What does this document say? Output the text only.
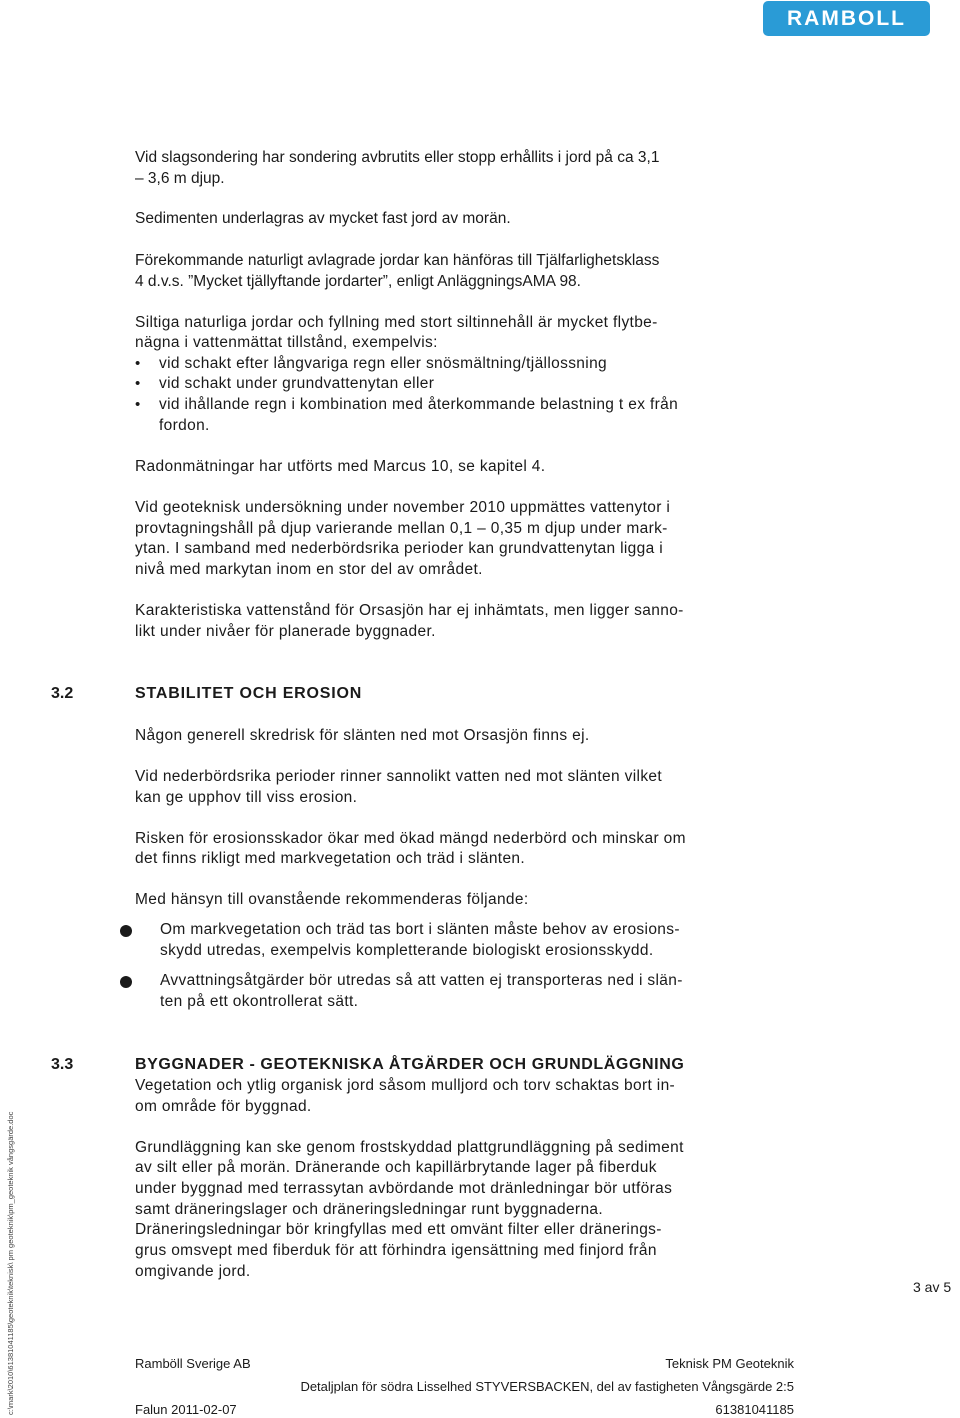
RAMBOLL
Vid slagsondering har sondering avbrutits eller stopp erhållits i jord på ca 3,1
– 3,6 m djup.
Sedimenten underlagras av mycket fast jord av morän.
Förekommande naturligt avlagrade jordar kan hänföras till Tjälfarlighetsklass
4 d.v.s. ”Mycket tjällyftande jordarter”, enligt AnläggningsAMA 98.
Siltiga naturliga jordar och fyllning med stort siltinnehåll är mycket flytbe-
nägna i vattenmättat tillstånd, exempelvis:
• vid schakt efter långvariga regn eller snösmältning/tjällossning
• vid schakt under grundvattenytan eller
• vid ihållande regn i kombination med återkommande belastning t ex från
fordon.
Radonmätningar har utförts med Marcus 10, se kapitel 4.
Vid geoteknisk undersökning under november 2010 uppmättes vattenytor i
provtagningshåll på djup varierande mellan 0,1 – 0,35 m djup under mark-
ytan. I samband med nederbördsrika perioder kan grundvattenytan ligga i
nivå med markytan inom en stor del av området.
Karakteristiska vattenstånd för Orsasjön har ej inhämtats, men ligger sanno-
likt under nivåer för planerade byggnader.
3.2	STABILITET OCH EROSION
Någon generell skredrisk för slänten ned mot Orsasjön finns ej.
Vid nederbördsrika perioder rinner sannolikt vatten ned mot slänten vilket
kan ge upphov till viss erosion.
Risken för erosionsskador ökar med ökad mängd nederbörd och minskar om
det finns rikligt med markvegetation och träd i slänten.
Med hänsyn till ovanstående rekommenderas följande:
Om markvegetation och träd tas bort i slänten måste behov av erosions-
skydd utredas, exempelvis kompletterande biologiskt erosionsskydd.
Avvattningsåtgärder bör utredas så att vatten ej transporteras ned i slän-
ten på ett okontrollerat sätt.
3.3	BYGGNADER - GEOTEKNISKA ÅTGÄRDER OCH GRUNDLÄGGNING
Vegetation och ytlig organisk jord såsom mulljord och torv schaktas bort in-
om område för byggnad.
Grundläggning kan ske genom frostskyddad plattgrundläggning på sediment
av silt eller på morän. Dränerande och kapillärbrytande lager på fiberduk
under byggnad med terrassytan avbördande mot dränledningar bör utföras
samt dräneringslager och dräneringsledningar runt byggnaderna.
Dräneringsledningar bör kringfyllas med ett omvänt filter eller dränerings-
grus omsvept med fiberduk för att förhindra igensättning med finjord från
omgivande jord.
3 av 5
c:\mark\2010\61381041185\geoteknik\teknisk\ pm geoteknik\pm_geoteknik vångsgärde.doc	Ramböll Sverige AB	Teknisk PM Geoteknik
Detaljplan för södra Lisselhed STYVERSBACKEN, del av fastigheten Vångsgärde 2:5
Falun 2011-02-07	61381041185
